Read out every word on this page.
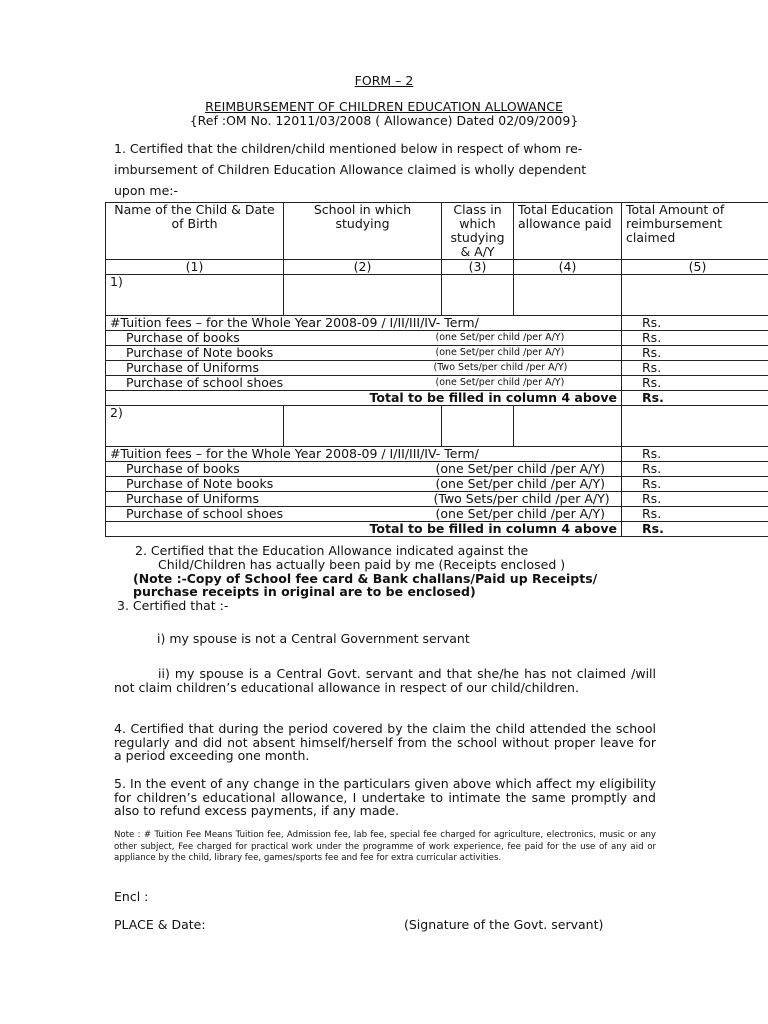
FORM – 2
REIMBURSEMENT OF CHILDREN EDUCATION ALLOWANCE
{Ref :OM No. 12011/03/2008 ( Allowance) Dated 02/09/2009}
1. Certified that the children/child mentioned below in respect of whom re-
imbursement of Children Education Allowance claimed is wholly dependent
upon me:-
Name of the Child & Date of Birth	School in which studying	Class in which studying & A/Y	Total Education allowance paid	Total Amount of reimbursement claimed
(1)	(2)	(3)	(4)	(5)
1)				
#Tuition fees – for the Whole Year 2008-09 / I/II/III/IV- Term/				Rs.
Purchase of books (one Set/per child /per A/Y)				Rs.
Purchase of Note books (one Set/per child /per A/Y)				Rs.
Purchase of Uniforms (Two Sets/per child /per A/Y)				Rs.
Purchase of school shoes (one Set/per child /per A/Y)				Rs.
Total to be filled in column 4 above				Rs.
2)				
#Tuition fees – for the Whole Year 2008-09 / I/II/III/IV- Term/				Rs.
Purchase of books (one Set/per child /per A/Y)				Rs.
Purchase of Note books (one Set/per child /per A/Y)				Rs.
Purchase of Uniforms (Two Sets/per child /per A/Y)				Rs.
Purchase of school shoes (one Set/per child /per A/Y)				Rs.
Total to be filled in column 4 above				Rs.
2. Certified that the Education Allowance indicated against the
Child/Children has actually been paid by me (Receipts enclosed )
(Note :-Copy of School fee card & Bank challans/Paid up Receipts/
purchase receipts in original are to be enclosed)
3. Certified that :-
i) my spouse is not a Central Government servant
ii) my spouse is a Central Govt. servant and that she/he has not claimed /will not claim children’s educational allowance in respect of our child/children.
4. Certified that during the period covered by the claim the child attended the school regularly and did not absent himself/herself from the school without proper leave for a period exceeding one month.
5. In the event of any change in the particulars given above which affect my eligibility for children’s educational allowance, I undertake to intimate the same promptly and also to refund excess payments, if any made.
Note : # Tuition Fee Means Tuition fee, Admission fee, lab fee, special fee charged for agriculture, electronics, music or any other subject, Fee charged for practical work under the programme of work experience, fee paid for the use of any aid or appliance by the child, library fee, games/sports fee and fee for extra curricular activities.
Encl :
PLACE & Date:	(Signature of the Govt. servant)
